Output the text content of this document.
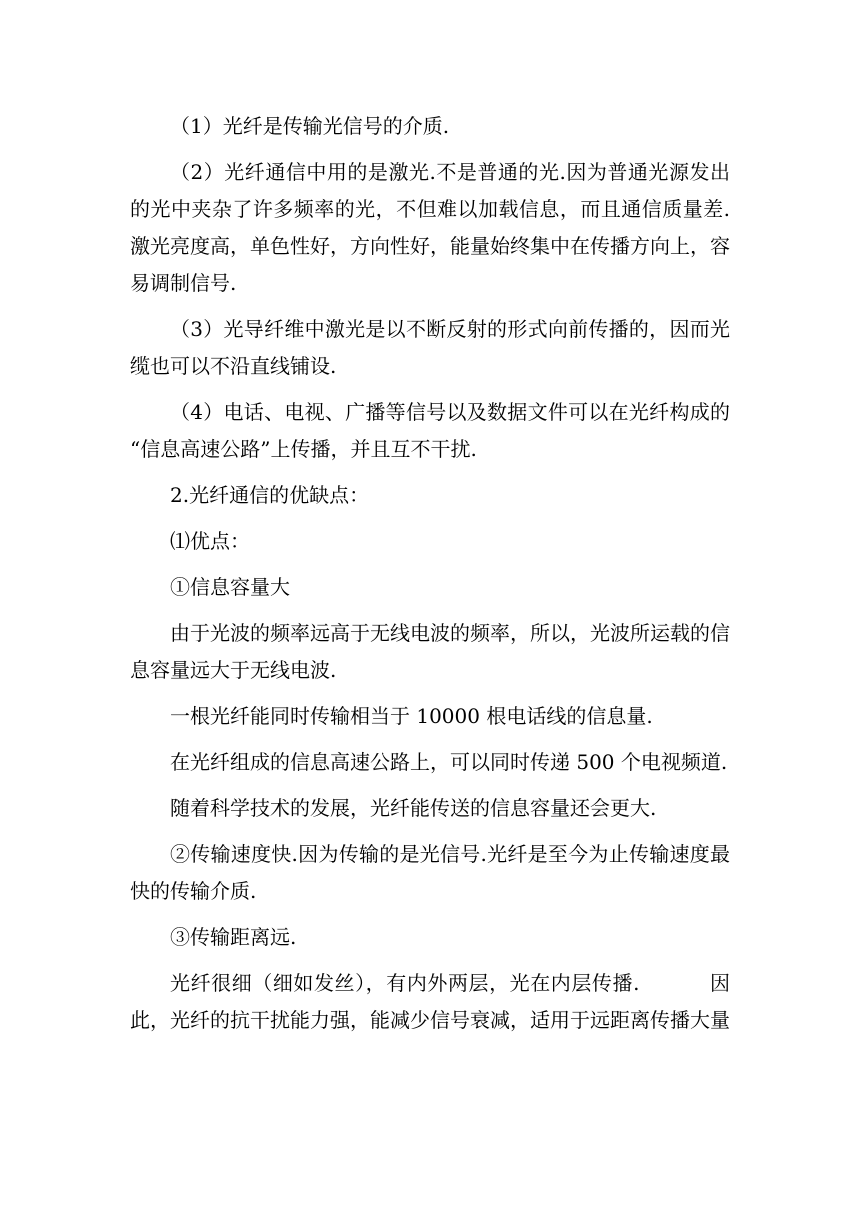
（1）光纤是传输光信号的介质.

（2）光纤通信中用的是激光.不是普通的光.因为普通光源发出的光中夹杂了许多频率的光，不但难以加载信息，而且通信质量差.激光亮度高，单色性好，方向性好，能量始终集中在传播方向上，容易调制信号.

（3）光导纤维中激光是以不断反射的形式向前传播的，因而光缆也可以不沿直线铺设.

（4）电话、电视、广播等信号以及数据文件可以在光纤构成的“信息高速公路”上传播，并且互不干扰.

2.光纤通信的优缺点：

⑴优点：

①信息容量大

由于光波的频率远高于无线电波的频率，所以，光波所运载的信息容量远大于无线电波.

一根光纤能同时传输相当于 10000 根电话线的信息量.

在光纤组成的信息高速公路上，可以同时传递 500 个电视频道.

随着科学技术的发展，光纤能传送的信息容量还会更大.

②传输速度快.因为传输的是光信号.光纤是至今为止传输速度最快的传输介质.

③传输距离远.

光纤很细（细如发丝），有内外两层，光在内层传播.	因此，光纤的抗干扰能力强，能减少信号衰减，适用于远距离传播大量
